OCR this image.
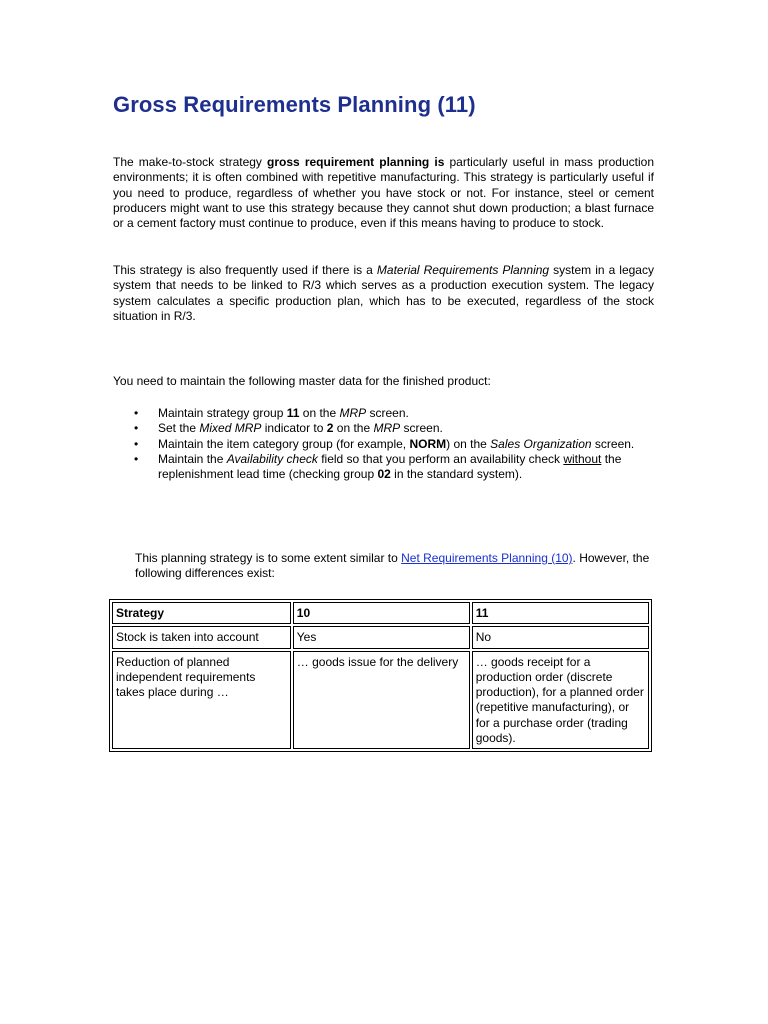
Gross Requirements Planning (11)

The make-to-stock strategy gross requirement planning is particularly useful in mass production environments; it is often combined with repetitive manufacturing. This strategy is particularly useful if you need to produce, regardless of whether you have stock or not. For instance, steel or cement producers might want to use this strategy because they cannot shut down production; a blast furnace or a cement factory must continue to produce, even if this means having to produce to stock.

This strategy is also frequently used if there is a Material Requirements Planning system in a legacy system that needs to be linked to R/3 which serves as a production execution system. The legacy system calculates a specific production plan, which has to be executed, regardless of the stock situation in R/3.

You need to maintain the following master data for the finished product:

• Maintain strategy group 11 on the MRP screen.
• Set the Mixed MRP indicator to 2 on the MRP screen.
• Maintain the item category group (for example, NORM) on the Sales Organization screen.
• Maintain the Availability check field so that you perform an availability check without the replenishment lead time (checking group 02 in the standard system).

This planning strategy is to some extent similar to Net Requirements Planning (10). However, the following differences exist:

Strategy	10	11
Stock is taken into account	Yes	No
Reduction of planned independent requirements takes place during …	… goods issue for the delivery	… goods receipt for a production order (discrete production), for a planned order (repetitive manufacturing), or for a purchase order (trading goods).
